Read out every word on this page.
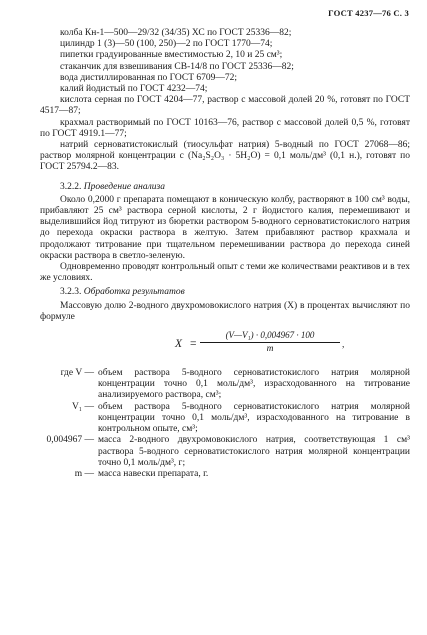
ГОСТ 4237—76 С. 3

колба Кн-1—500—29/32 (34/35) ХС по ГОСТ 25336—82;

цилиндр 1 (3)—50 (100, 250)—2 по ГОСТ 1770—74;

пипетки градуированные вместимостью 2, 10 и 25 см³;

стаканчик для взвешивания СВ-14/8 по ГОСТ 25336—82;

вода дистиллированная по ГОСТ 6709—72;

калий йодистый по ГОСТ 4232—74;

кислота серная по ГОСТ 4204—77, раствор с массовой долей 20 %, готовят по ГОСТ 4517—87;

крахмал растворимый по ГОСТ 10163—76, раствор с массовой долей 0,5 %, готовят по ГОСТ 4919.1—77;

натрий серноватистокислый (тиосульфат натрия) 5-водный по ГОСТ 27068—86; раствор молярной концентрации c (Na₂S₂O₃ · 5H₂O) = 0,1 моль/дм³ (0,1 н.), готовят по ГОСТ 25794.2—83.

3.2.2. Проведение анализа

Около 0,2000 г препарата помещают в коническую колбу, растворяют в 100 см³ воды, прибавляют 25 см³ раствора серной кислоты, 2 г йодистого калия, перемешивают и выделившийся йод титруют из бюретки раствором 5-водного серноватистокислого натрия до перехода окраски раствора в желтую. Затем прибавляют раствор крахмала и продолжают титрование при тщательном перемешивании раствора до перехода синей окраски раствора в светло-зеленую.

Одновременно проводят контрольный опыт с теми же количествами реактивов и в тех же условиях.

3.2.3. Обработка результатов

Массовую долю 2-водного двухромовокислого натрия (X) в процентах вычисляют по формуле

$X = \frac{\text{(V—V₁) · 0,004967 · 100}}{m}$ ,
где V —	объем раствора 5-водного серноватистокислого натрия молярной концентрации точно 0,1 моль/дм³, израсходованного на титрование анализируемого раствора, см³;
V₁ —	объем раствора 5-водного серноватистокислого натрия молярной концентрации точно 0,1 моль/дм³, израсходованного на титрование в контрольном опыте, см³;
0,004967 —	масса 2-водного двухромовокислого натрия, соответствующая 1 см³ раствора 5-водного серноватистокислого натрия молярной концентрации точно 0,1 моль/дм³, г;
m —	масса навески препарата, г.
